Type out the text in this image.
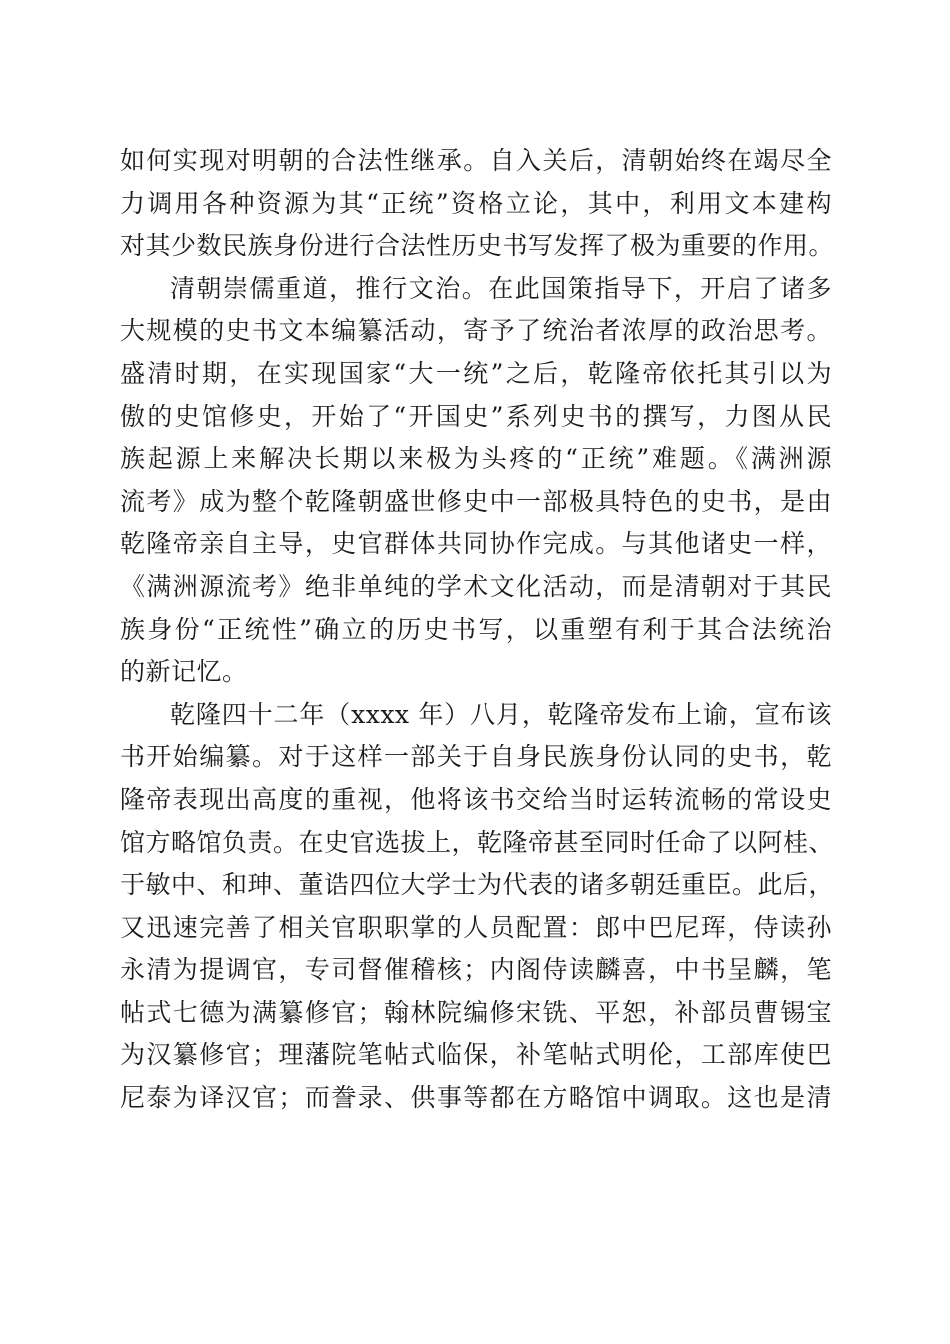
如何实现对明朝的合法性继承。自入关后，清朝始终在竭尽全
力调用各种资源为其“正统”资格立论，其中，利用文本建构
对其少数民族身份进行合法性历史书写发挥了极为重要的作用。
清朝崇儒重道，推行文治。在此国策指导下，开启了诸多
大规模的史书文本编纂活动，寄予了统治者浓厚的政治思考。
盛清时期，在实现国家“大一统”之后，乾隆帝依托其引以为
傲的史馆修史，开始了“开国史”系列史书的撰写，力图从民
族起源上来解决长期以来极为头疼的“正统”难题。《满洲源
流考》成为整个乾隆朝盛世修史中一部极具特色的史书，是由
乾隆帝亲自主导，史官群体共同协作完成。与其他诸史一样，
《满洲源流考》绝非单纯的学术文化活动，而是清朝对于其民
族身份“正统性”确立的历史书写，以重塑有利于其合法统治
的新记忆。
乾隆四十二年（xxxx 年）八月，乾隆帝发布上谕，宣布该
书开始编纂。对于这样一部关于自身民族身份认同的史书，乾
隆帝表现出高度的重视，他将该书交给当时运转流畅的常设史
馆方略馆负责。在史官选拔上，乾隆帝甚至同时任命了以阿桂、
于敏中、和珅、董诰四位大学士为代表的诸多朝廷重臣。此后，
又迅速完善了相关官职职掌的人员配置：郎中巴尼珲，侍读孙
永清为提调官，专司督催稽核；内阁侍读麟喜，中书呈麟，笔
帖式七德为满纂修官；翰林院编修宋铣、平恕，补部员曹锡宝
为汉纂修官；理藩院笔帖式临保，补笔帖式明伦，工部库使巴
尼泰为译汉官；而誊录、供事等都在方略馆中调取。这也是清
